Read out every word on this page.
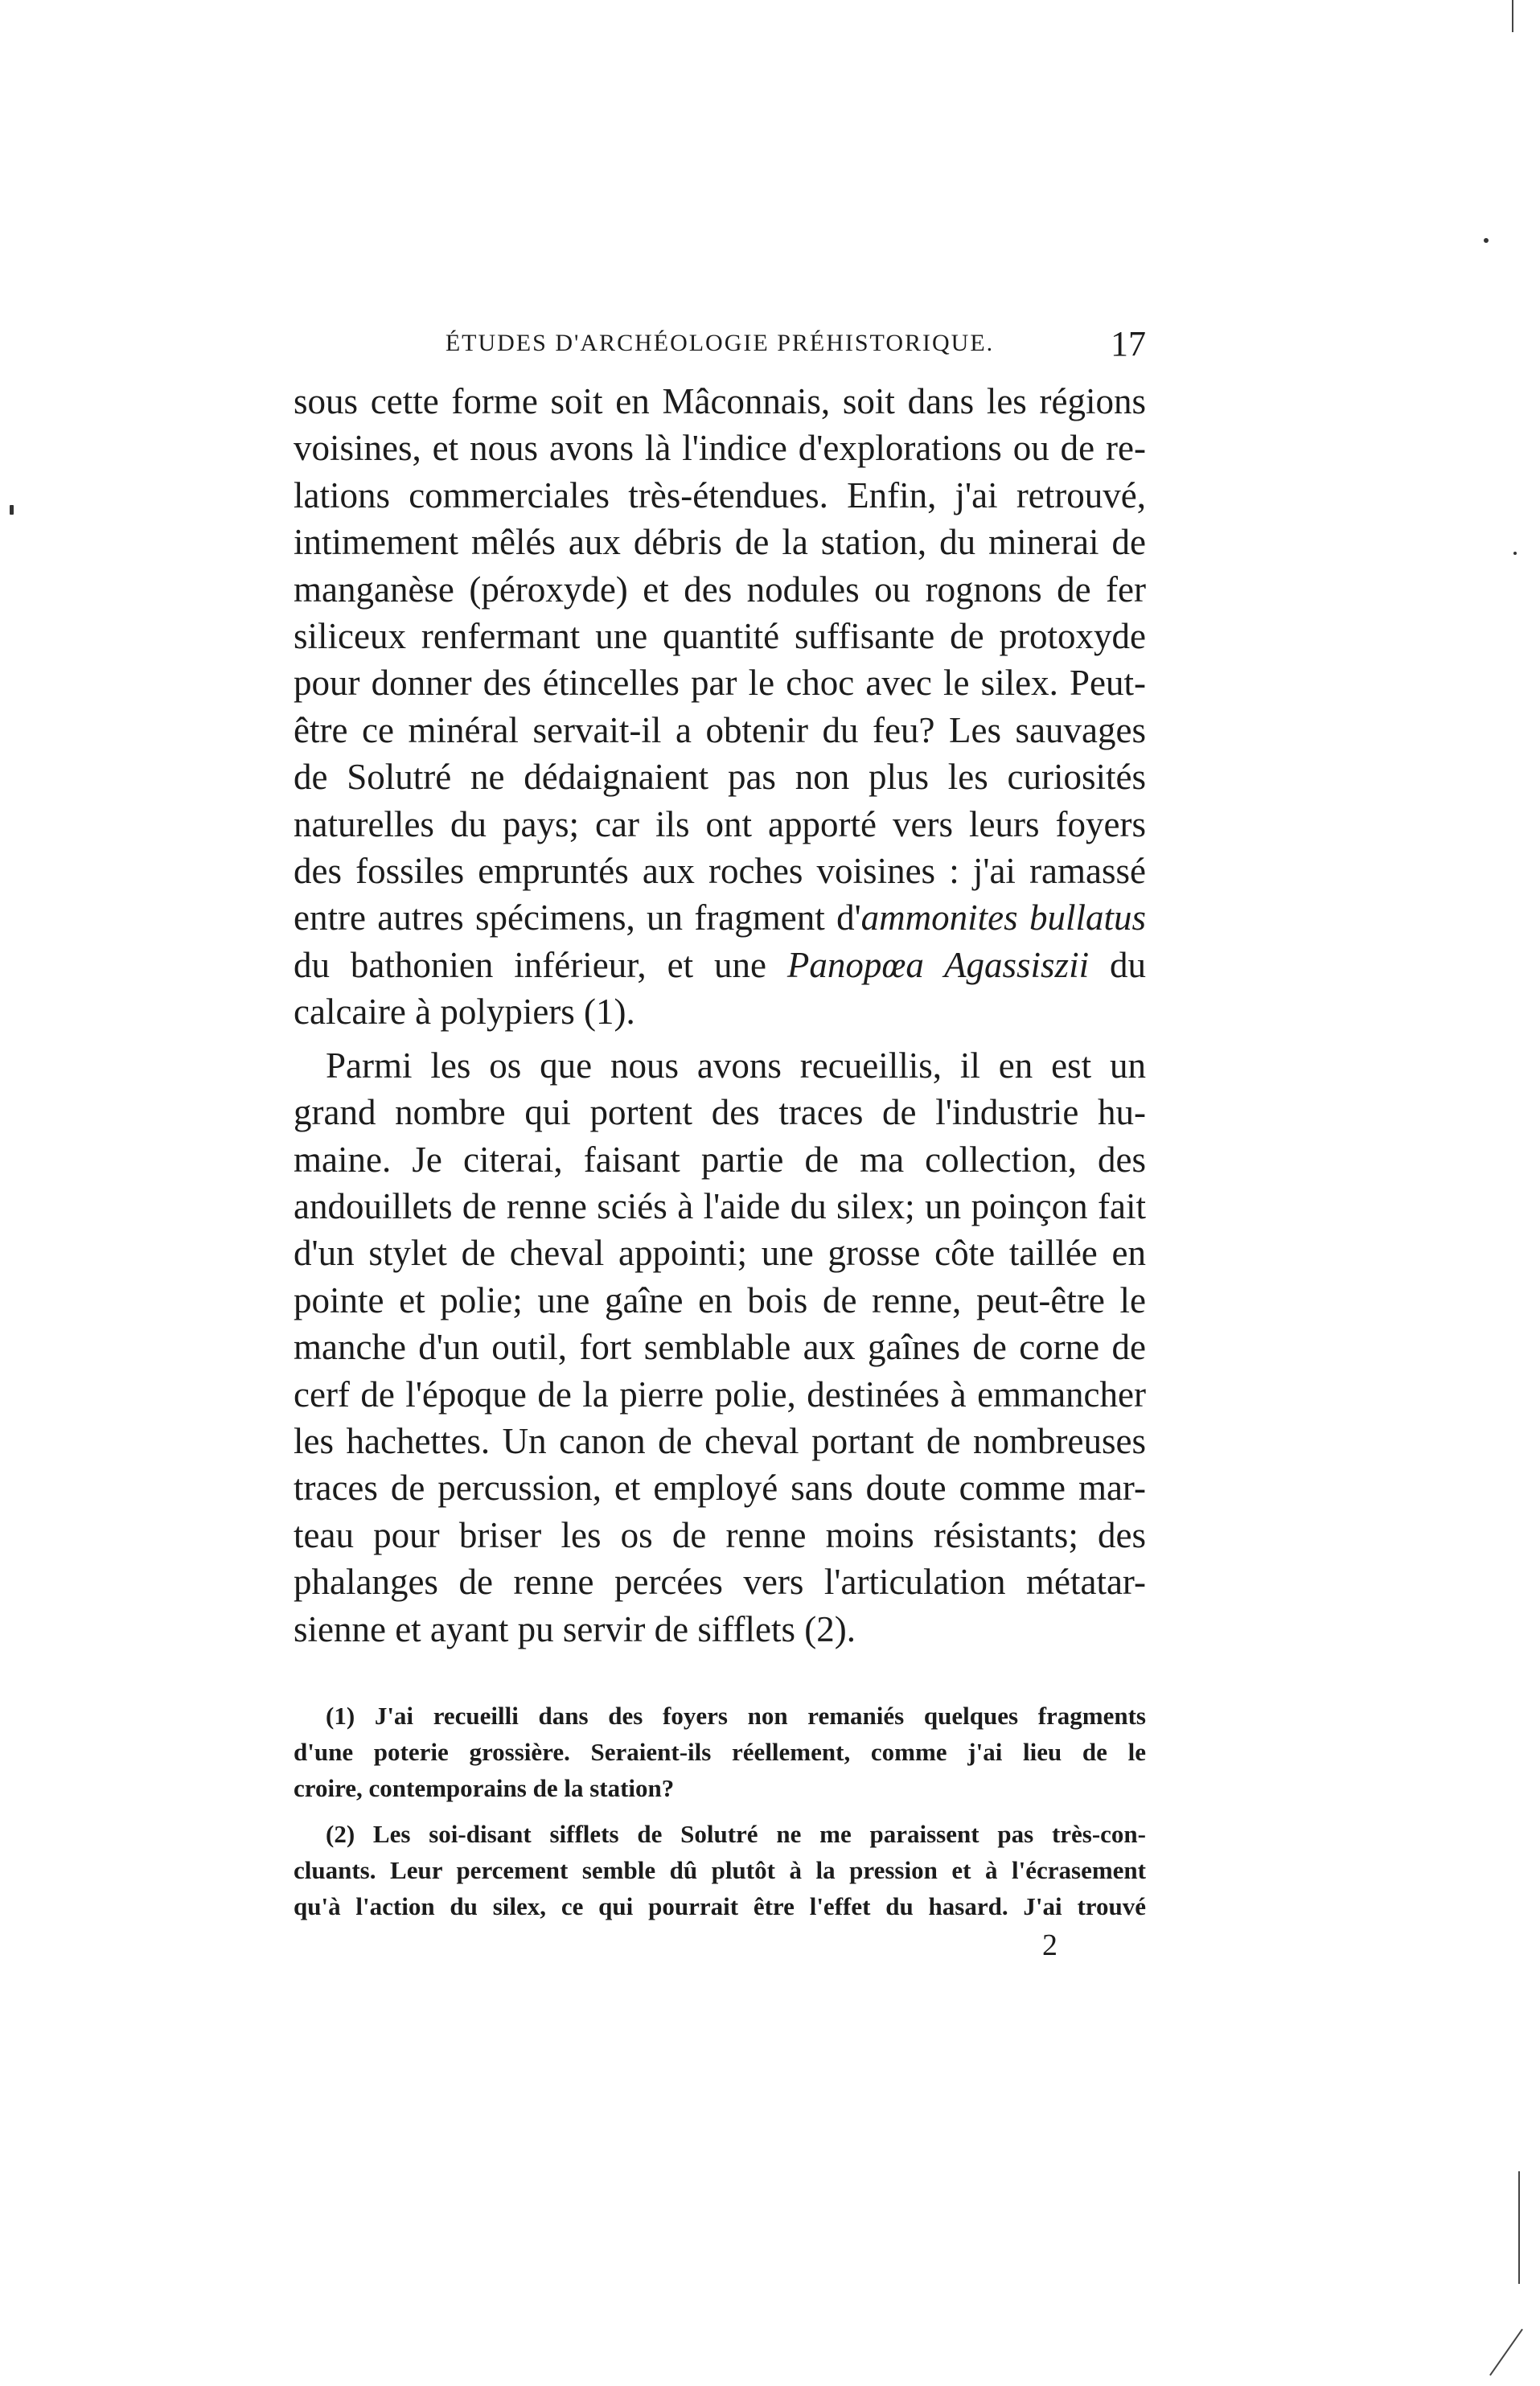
ÉTUDES D'ARCHÉOLOGIE PRÉHISTORIQUE.	17
sous cette forme soit en Mâconnais, soit dans les régions
voisines, et nous avons là l'indice d'explorations ou de re-
lations commerciales très-étendues. Enfin, j'ai retrouvé,
intimement mêlés aux débris de la station, du minerai de
manganèse (péroxyde) et des nodules ou rognons de fer
siliceux renfermant une quantité suffisante de protoxyde
pour donner des étincelles par le choc avec le silex. Peut-
être ce minéral servait-il a obtenir du feu? Les sauvages
de Solutré ne dédaignaient pas non plus les curiosités
naturelles du pays; car ils ont apporté vers leurs foyers
des fossiles empruntés aux roches voisines : j'ai ramassé
entre autres spécimens, un fragment d'ammonites bullatus
du bathonien inférieur, et une Panopœa Agassiszii du
calcaire à polypiers (1).
Parmi les os que nous avons recueillis, il en est un
grand nombre qui portent des traces de l'industrie hu-
maine. Je citerai, faisant partie de ma collection, des
andouillets de renne sciés à l'aide du silex; un poinçon fait
d'un stylet de cheval appointi; une grosse côte taillée en
pointe et polie; une gaîne en bois de renne, peut-être le
manche d'un outil, fort semblable aux gaînes de corne de
cerf de l'époque de la pierre polie, destinées à emmancher
les hachettes. Un canon de cheval portant de nombreuses
traces de percussion, et employé sans doute comme mar-
teau pour briser les os de renne moins résistants; des
phalanges de renne percées vers l'articulation métatar-
sienne et ayant pu servir de sifflets (2).
(1) J'ai recueilli dans des foyers non remaniés quelques fragments
d'une poterie grossière. Seraient-ils réellement, comme j'ai lieu de le
croire, contemporains de la station?
(2) Les soi-disant sifflets de Solutré ne me paraissent pas très-con-
cluants. Leur percement semble dû plutôt à la pression et à l'écrasement
qu'à l'action du silex, ce qui pourrait être l'effet du hasard. J'ai trouvé
2
